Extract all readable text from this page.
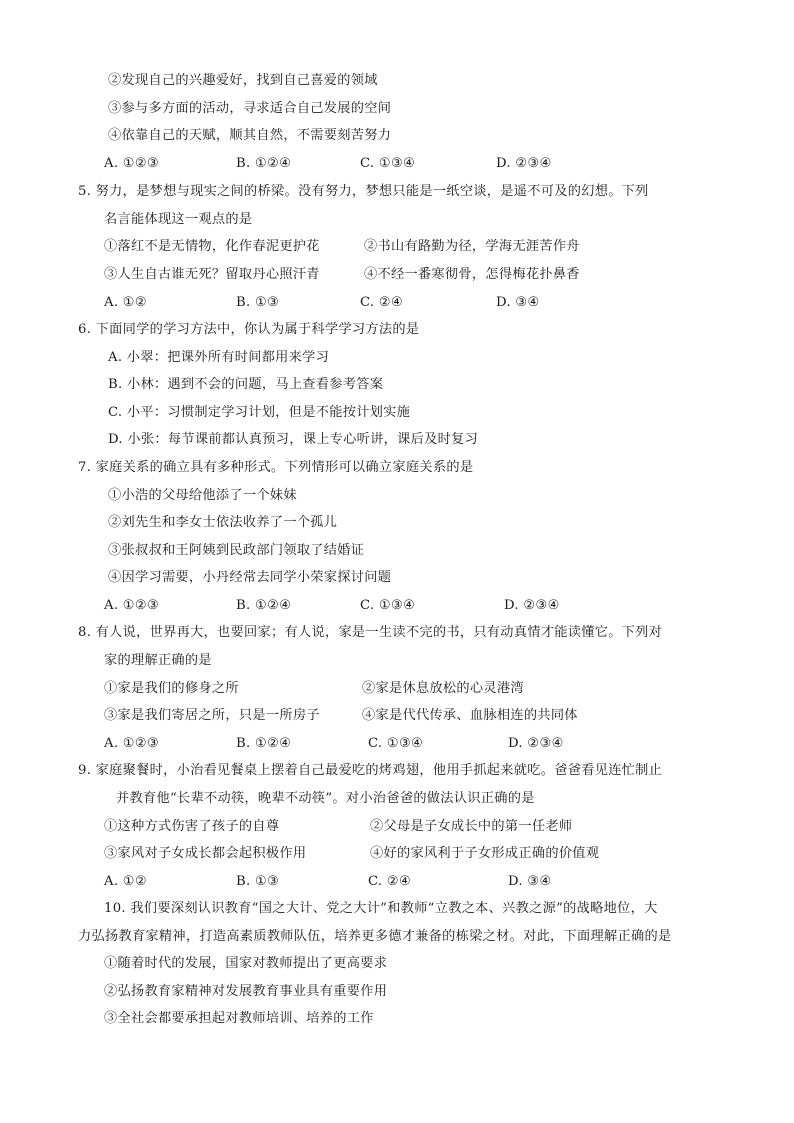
②发现自己的兴趣爱好，找到自己喜爱的领域
③参与多方面的活动，寻求适合自己发展的空间
④依靠自己的天赋，顺其自然，不需要刻苦努力
A. ①②③	B. ①②④	C. ①③④	D. ②③④
5. 努力，是梦想与现实之间的桥梁。没有努力，梦想只能是一纸空谈，是遥不可及的幻想。下列
名言能体现这一观点的是
①落红不是无情物，化作春泥更护花	②书山有路勤为径，学海无涯苦作舟
③人生自古谁无死？留取丹心照汗青	④不经一番寒彻骨，怎得梅花扑鼻香
A. ①②	B. ①③	C. ②④	D. ③④
6. 下面同学的学习方法中，你认为属于科学学习方法的是
A. 小翠：把课外所有时间都用来学习
B. 小林：遇到不会的问题，马上查看参考答案
C. 小平：习惯制定学习计划，但是不能按计划实施
D. 小张：每节课前都认真预习，课上专心听讲，课后及时复习
7. 家庭关系的确立具有多种形式。下列情形可以确立家庭关系的是
①小浩的父母给他添了一个妹妹
②刘先生和李女士依法收养了一个孤儿
③张叔叔和王阿姨到民政部门领取了结婚证
④因学习需要，小丹经常去同学小荣家探讨问题
A. ①②③	B. ①②④	C. ①③④	D. ②③④
8. 有人说，世界再大，也要回家；有人说，家是一生读不完的书，只有动真情才能读懂它。下列对
家的理解正确的是
①家是我们的修身之所	②家是休息放松的心灵港湾
③家是我们寄居之所，只是一所房子	④家是代代传承、血脉相连的共同体
A. ①②③	B. ①②④	C. ①③④	D. ②③④
9. 家庭聚餐时，小治看见餐桌上摆着自己最爱吃的烤鸡翅，他用手抓起来就吃。爸爸看见连忙制止
并教育他“长辈不动筷，晚辈不动筷”。对小治爸爸的做法认识正确的是
①这种方式伤害了孩子的自尊	②父母是子女成长中的第一任老师
③家风对子女成长都会起积极作用	④好的家风利于子女形成正确的价值观
A. ①②	B. ①③	C. ②④	D. ③④
10. 我们要深刻认识教育“国之大计、党之大计”和教师“立教之本、兴教之源”的战略地位，大
力弘扬教育家精神，打造高素质教师队伍，培养更多德才兼备的栋梁之材。对此，下面理解正确的是
①随着时代的发展，国家对教师提出了更高要求
②弘扬教育家精神对发展教育事业具有重要作用
③全社会都要承担起对教师培训、培养的工作
